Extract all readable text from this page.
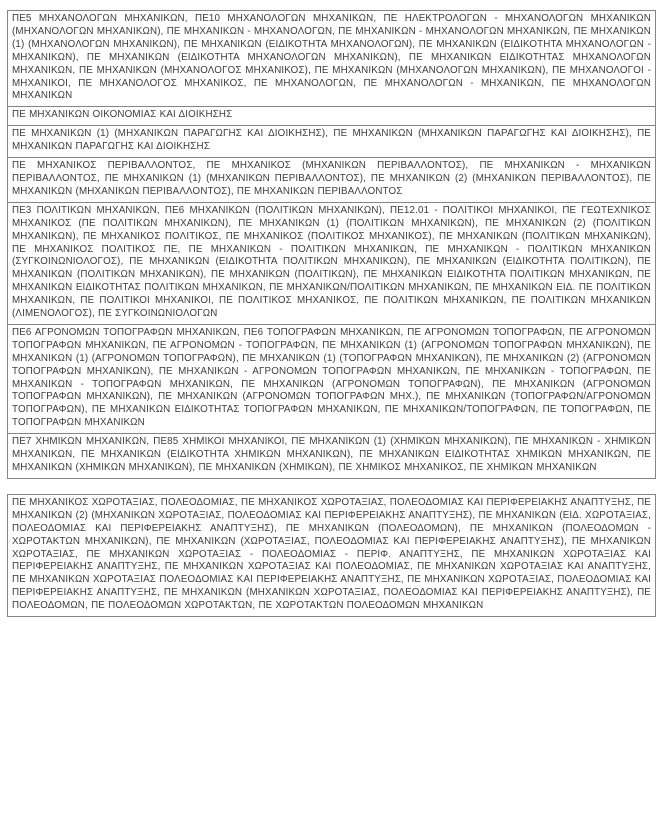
ΠΕ5 ΜΗΧΑΝΟΛΟΓΩΝ ΜΗΧΑΝΙΚΩΝ, ΠΕ10 ΜΗΧΑΝΟΛΟΓΩΝ ΜΗΧΑΝΙΚΩΝ, ΠΕ ΗΛΕΚΤΡΟΛΟΓΩΝ - ΜΗΧΑΝΟΛΟΓΩΝ ΜΗΧΑΝΙΚΩΝ (ΜΗΧΑΝΟΛΟΓΩΝ ΜΗΧΑΝΙΚΩΝ), ΠΕ ΜΗΧΑΝΙΚΩΝ - ΜΗΧΑΝΟΛΟΓΩΝ, ΠΕ ΜΗΧΑΝΙΚΩΝ - ΜΗΧΑΝΟΛΟΓΩΝ ΜΗΧΑΝΙΚΩΝ, ΠΕ ΜΗΧΑΝΙΚΩΝ (1) (ΜΗΧΑΝΟΛΟΓΩΝ ΜΗΧΑΝΙΚΩΝ), ΠΕ ΜΗΧΑΝΙΚΩΝ (ΕΙΔΙΚΟΤΗΤΑ ΜΗΧΑΝΟΛΟΓΩΝ), ΠΕ ΜΗΧΑΝΙΚΩΝ (ΕΙΔΙΚΟΤΗΤΑ ΜΗΧΑΝΟΛΟΓΩΝ - ΜΗΧΑΝΙΚΩΝ), ΠΕ ΜΗΧΑΝΙΚΩΝ (ΕΙΔΙΚΟΤΗΤΑ ΜΗΧΑΝΟΛΟΓΩΝ ΜΗΧΑΝΙΚΩΝ), ΠΕ ΜΗΧΑΝΙΚΩΝ ΕΙΔΙΚΟΤΗΤΑΣ ΜΗΧΑΝΟΛΟΓΩΝ ΜΗΧΑΝΙΚΩΝ, ΠΕ ΜΗΧΑΝΙΚΩΝ (ΜΗΧΑΝΟΛΟΓΟΣ ΜΗΧΑΝΙΚΟΣ), ΠΕ ΜΗΧΑΝΙΚΩΝ (ΜΗΧΑΝΟΛΟΓΩΝ ΜΗΧΑΝΙΚΩΝ), ΠΕ ΜΗΧΑΝΟΛΟΓΟΙ - ΜΗΧΑΝΙΚΟΙ, ΠΕ ΜΗΧΑΝΟΛΟΓΟΣ ΜΗΧΑΝΙΚΟΣ, ΠΕ ΜΗΧΑΝΟΛΟΓΩΝ, ΠΕ ΜΗΧΑΝΟΛΟΓΩΝ - ΜΗΧΑΝΙΚΩΝ, ΠΕ ΜΗΧΑΝΟΛΟΓΩΝ ΜΗΧΑΝΙΚΩΝ
ΠΕ ΜΗΧΑΝΙΚΩΝ ΟΙΚΟΝΟΜΙΑΣ ΚΑΙ ΔΙΟΙΚΗΣΗΣ
ΠΕ ΜΗΧΑΝΙΚΩΝ (1) (ΜΗΧΑΝΙΚΩΝ ΠΑΡΑΓΩΓΗΣ ΚΑΙ ΔΙΟΙΚΗΣΗΣ), ΠΕ ΜΗΧΑΝΙΚΩΝ (ΜΗΧΑΝΙΚΩΝ ΠΑΡΑΓΩΓΗΣ ΚΑΙ ΔΙΟΙΚΗΣΗΣ), ΠΕ ΜΗΧΑΝΙΚΩΝ ΠΑΡΑΓΩΓΗΣ ΚΑΙ ΔΙΟΙΚΗΣΗΣ
ΠΕ ΜΗΧΑΝΙΚΟΣ ΠΕΡΙΒΑΛΛΟΝΤΟΣ, ΠΕ ΜΗΧΑΝΙΚΟΣ (ΜΗΧΑΝΙΚΩΝ ΠΕΡΙΒΑΛΛΟΝΤΟΣ), ΠΕ ΜΗΧΑΝΙΚΩΝ - ΜΗΧΑΝΙΚΩΝ ΠΕΡΙΒΑΛΛΟΝΤΟΣ, ΠΕ ΜΗΧΑΝΙΚΩΝ (1) (ΜΗΧΑΝΙΚΩΝ ΠΕΡΙΒΑΛΛΟΝΤΟΣ), ΠΕ ΜΗΧΑΝΙΚΩΝ (2) (ΜΗΧΑΝΙΚΩΝ ΠΕΡΙΒΑΛΛΟΝΤΟΣ), ΠΕ ΜΗΧΑΝΙΚΩΝ (ΜΗΧΑΝΙΚΩΝ ΠΕΡΙΒΑΛΛΟΝΤΟΣ), ΠΕ ΜΗΧΑΝΙΚΩΝ ΠΕΡΙΒΑΛΛΟΝΤΟΣ
ΠΕ3 ΠΟΛΙΤΙΚΩΝ ΜΗΧΑΝΙΚΩΝ, ΠΕ6 ΜΗΧΑΝΙΚΩΝ (ΠΟΛΙΤΙΚΩΝ ΜΗΧΑΝΙΚΩΝ), ΠΕ12.01 - ΠΟΛΙΤΙΚΟΙ ΜΗΧΑΝΙΚΟΙ, ΠΕ ΓΕΩΤΕΧΝΙΚΟΣ ΜΗΧΑΝΙΚΟΣ (ΠΕ ΠΟΛΙΤΙΚΩΝ ΜΗΧΑΝΙΚΩΝ), ΠΕ ΜΗΧΑΝΙΚΩΝ (1) (ΠΟΛΙΤΙΚΩΝ ΜΗΧΑΝΙΚΩΝ), ΠΕ ΜΗΧΑΝΙΚΩΝ (2) (ΠΟΛΙΤΙΚΩΝ ΜΗΧΑΝΙΚΩΝ), ΠΕ ΜΗΧΑΝΙΚΟΣ ΠΟΛΙΤΙΚΟΣ, ΠΕ ΜΗΧΑΝΙΚΟΣ (ΠΟΛΙΤΙΚΟΣ ΜΗΧΑΝΙΚΟΣ), ΠΕ ΜΗΧΑΝΙΚΩΝ (ΠΟΛΙΤΙΚΩΝ ΜΗΧΑΝΙΚΩΝ), ΠΕ ΜΗΧΑΝΙΚΟΣ ΠΟΛΙΤΙΚΟΣ ΠΕ, ΠΕ ΜΗΧΑΝΙΚΩΝ - ΠΟΛΙΤΙΚΩΝ ΜΗΧΑΝΙΚΩΝ, ΠΕ ΜΗΧΑΝΙΚΩΝ - ΠΟΛΙΤΙΚΩΝ ΜΗΧΑΝΙΚΩΝ (ΣΥΓΚΟΙΝΩΝΙΟΛΟΓΟΣ), ΠΕ ΜΗΧΑΝΙΚΩΝ (ΕΙΔΙΚΟΤΗΤΑ ΠΟΛΙΤΙΚΩΝ ΜΗΧΑΝΙΚΩΝ), ΠΕ ΜΗΧΑΝΙΚΩΝ (ΕΙΔΙΚΟΤΗΤΑ ΠΟΛΙΤΙΚΩΝ), ΠΕ ΜΗΧΑΝΙΚΩΝ (ΠΟΛΙΤΙΚΩΝ ΜΗΧΑΝΙΚΩΝ), ΠΕ ΜΗΧΑΝΙΚΩΝ (ΠΟΛΙΤΙΚΩΝ), ΠΕ ΜΗΧΑΝΙΚΩΝ ΕΙΔΙΚΟΤΗΤΑ ΠΟΛΙΤΙΚΩΝ ΜΗΧΑΝΙΚΩΝ, ΠΕ ΜΗΧΑΝΙΚΩΝ ΕΙΔΙΚΟΤΗΤΑΣ ΠΟΛΙΤΙΚΩΝ ΜΗΧΑΝΙΚΩΝ, ΠΕ ΜΗΧΑΝΙΚΩΝ/ΠΟΛΙΤΙΚΩΝ ΜΗΧΑΝΙΚΩΝ, ΠΕ ΜΗΧΑΝΙΚΩΝ ΕΙΔ. ΠΕ ΠΟΛΙΤΙΚΩΝ ΜΗΧΑΝΙΚΩΝ, ΠΕ ΠΟΛΙΤΙΚΟΙ ΜΗΧΑΝΙΚΟΙ, ΠΕ ΠΟΛΙΤΙΚΟΣ ΜΗΧΑΝΙΚΟΣ, ΠΕ ΠΟΛΙΤΙΚΩΝ ΜΗΧΑΝΙΚΩΝ, ΠΕ ΠΟΛΙΤΙΚΩΝ ΜΗΧΑΝΙΚΩΝ (ΛΙΜΕΝΟΛΟΓΟΣ), ΠΕ ΣΥΓΚΟΙΝΩΝΙΟΛΟΓΩΝ
ΠΕ6 ΑΓΡΟΝΟΜΩΝ ΤΟΠΟΓΡΑΦΩΝ ΜΗΧΑΝΙΚΩΝ, ΠΕ6 ΤΟΠΟΓΡΑΦΩΝ ΜΗΧΑΝΙΚΩΝ, ΠΕ ΑΓΡΟΝΟΜΩΝ ΤΟΠΟΓΡΑΦΩΝ, ΠΕ ΑΓΡΟΝΟΜΩΝ ΤΟΠΟΓΡΑΦΩΝ ΜΗΧΑΝΙΚΩΝ, ΠΕ ΑΓΡΟΝΟΜΩΝ - ΤΟΠΟΓΡΑΦΩΝ, ΠΕ ΜΗΧΑΝΙΚΩΝ (1) (ΑΓΡΟΝΟΜΩΝ ΤΟΠΟΓΡΑΦΩΝ ΜΗΧΑΝΙΚΩΝ), ΠΕ ΜΗΧΑΝΙΚΩΝ (1) (ΑΓΡΟΝΟΜΩΝ ΤΟΠΟΓΡΑΦΩΝ), ΠΕ ΜΗΧΑΝΙΚΩΝ (1) (ΤΟΠΟΓΡΑΦΩΝ ΜΗΧΑΝΙΚΩΝ), ΠΕ ΜΗΧΑΝΙΚΩΝ (2) (ΑΓΡΟΝΟΜΩΝ ΤΟΠΟΓΡΑΦΩΝ ΜΗΧΑΝΙΚΩΝ), ΠΕ ΜΗΧΑΝΙΚΩΝ - ΑΓΡΟΝΟΜΩΝ ΤΟΠΟΓΡΑΦΩΝ ΜΗΧΑΝΙΚΩΝ, ΠΕ ΜΗΧΑΝΙΚΩΝ - ΤΟΠΟΓΡΑΦΩΝ, ΠΕ ΜΗΧΑΝΙΚΩΝ - ΤΟΠΟΓΡΑΦΩΝ ΜΗΧΑΝΙΚΩΝ, ΠΕ ΜΗΧΑΝΙΚΩΝ (ΑΓΡΟΝΟΜΩΝ ΤΟΠΟΓΡΑΦΩΝ), ΠΕ ΜΗΧΑΝΙΚΩΝ (ΑΓΡΟΝΟΜΩΝ ΤΟΠΟΓΡΑΦΩΝ ΜΗΧΑΝΙΚΩΝ), ΠΕ ΜΗΧΑΝΙΚΩΝ (ΑΓΡΟΝΟΜΩΝ ΤΟΠΟΓΡΑΦΩΝ ΜΗΧ.), ΠΕ ΜΗΧΑΝΙΚΩΝ (ΤΟΠΟΓΡΑΦΩΝ/ΑΓΡΟΝΟΜΩΝ ΤΟΠΟΓΡΑΦΩΝ), ΠΕ ΜΗΧΑΝΙΚΩΝ ΕΙΔΙΚΟΤΗΤΑΣ ΤΟΠΟΓΡΑΦΩΝ ΜΗΧΑΝΙΚΩΝ, ΠΕ ΜΗΧΑΝΙΚΩΝ/ΤΟΠΟΓΡΑΦΩΝ, ΠΕ ΤΟΠΟΓΡΑΦΩΝ, ΠΕ ΤΟΠΟΓΡΑΦΩΝ ΜΗΧΑΝΙΚΩΝ
ΠΕ7 ΧΗΜΙΚΩΝ ΜΗΧΑΝΙΚΩΝ, ΠΕ85 ΧΗΜΙΚΟΙ ΜΗΧΑΝΙΚΟΙ, ΠΕ ΜΗΧΑΝΙΚΩΝ (1) (ΧΗΜΙΚΩΝ ΜΗΧΑΝΙΚΩΝ), ΠΕ ΜΗΧΑΝΙΚΩΝ - ΧΗΜΙΚΩΝ ΜΗΧΑΝΙΚΩΝ, ΠΕ ΜΗΧΑΝΙΚΩΝ (ΕΙΔΙΚΟΤΗΤΑ ΧΗΜΙΚΩΝ ΜΗΧΑΝΙΚΩΝ), ΠΕ ΜΗΧΑΝΙΚΩΝ ΕΙΔΙΚΟΤΗΤΑΣ ΧΗΜΙΚΩΝ ΜΗΧΑΝΙΚΩΝ, ΠΕ ΜΗΧΑΝΙΚΩΝ (ΧΗΜΙΚΩΝ ΜΗΧΑΝΙΚΩΝ), ΠΕ ΜΗΧΑΝΙΚΩΝ (ΧΗΜΙΚΩΝ), ΠΕ ΧΗΜΙΚΟΣ ΜΗΧΑΝΙΚΟΣ, ΠΕ ΧΗΜΙΚΩΝ ΜΗΧΑΝΙΚΩΝ
ΠΕ ΜΗΧΑΝΙΚΟΣ ΧΩΡΟΤΑΞΙΑΣ, ΠΟΛΕΟΔΟΜΙΑΣ, ΠΕ ΜΗΧΑΝΙΚΟΣ ΧΩΡΟΤΑΞΙΑΣ, ΠΟΛΕΟΔΟΜΙΑΣ ΚΑΙ ΠΕΡΙΦΕΡΕΙΑΚΗΣ ΑΝΑΠΤΥΞΗΣ, ΠΕ ΜΗΧΑΝΙΚΩΝ (2) (ΜΗΧΑΝΙΚΩΝ ΧΩΡΟΤΑΞΙΑΣ, ΠΟΛΕΟΔΟΜΙΑΣ ΚΑΙ ΠΕΡΙΦΕΡΕΙΑΚΗΣ ΑΝΑΠΤΥΞΗΣ), ΠΕ ΜΗΧΑΝΙΚΩΝ (ΕΙΔ. ΧΩΡΟΤΑΞΙΑΣ, ΠΟΛΕΟΔΟΜΙΑΣ ΚΑΙ ΠΕΡΙΦΕΡΕΙΑΚΗΣ ΑΝΑΠΤΥΞΗΣ), ΠΕ ΜΗΧΑΝΙΚΩΝ (ΠΟΛΕΟΔΟΜΩΝ), ΠΕ ΜΗΧΑΝΙΚΩΝ (ΠΟΛΕΟΔΟΜΩΝ - ΧΩΡΟΤΑΚΤΩΝ ΜΗΧΑΝΙΚΩΝ), ΠΕ ΜΗΧΑΝΙΚΩΝ (ΧΩΡΟΤΑΞΙΑΣ, ΠΟΛΕΟΔΟΜΙΑΣ ΚΑΙ ΠΕΡΙΦΕΡΕΙΑΚΗΣ ΑΝΑΠΤΥΞΗΣ), ΠΕ ΜΗΧΑΝΙΚΩΝ ΧΩΡΟΤΑΞΙΑΣ, ΠΕ ΜΗΧΑΝΙΚΩΝ ΧΩΡΟΤΑΞΙΑΣ - ΠΟΛΕΟΔΟΜΙΑΣ - ΠΕΡΙΦ. ΑΝΑΠΤΥΞΗΣ, ΠΕ ΜΗΧΑΝΙΚΩΝ ΧΩΡΟΤΑΞΙΑΣ ΚΑΙ ΠΕΡΙΦΕΡΕΙΑΚΗΣ ΑΝΑΠΤΥΞΗΣ, ΠΕ ΜΗΧΑΝΙΚΩΝ ΧΩΡΟΤΑΞΙΑΣ ΚΑΙ ΠΟΛΕΟΔΟΜΙΑΣ, ΠΕ ΜΗΧΑΝΙΚΩΝ ΧΩΡΟΤΑΞΙΑΣ ΚΑΙ ΑΝΑΠΤΥΞΗΣ, ΠΕ ΜΗΧΑΝΙΚΩΝ ΧΩΡΟΤΑΞΙΑΣ ΠΟΛΕΟΔΟΜΙΑΣ ΚΑΙ ΠΕΡΙΦΕΡΕΙΑΚΗΣ ΑΝΑΠΤΥΞΗΣ, ΠΕ ΜΗΧΑΝΙΚΩΝ ΧΩΡΟΤΑΞΙΑΣ, ΠΟΛΕΟΔΟΜΙΑΣ ΚΑΙ ΠΕΡΙΦΕΡΕΙΑΚΗΣ ΑΝΑΠΤΥΞΗΣ, ΠΕ ΜΗΧΑΝΙΚΩΝ (ΜΗΧΑΝΙΚΩΝ ΧΩΡΟΤΑΞΙΑΣ, ΠΟΛΕΟΔΟΜΙΑΣ ΚΑΙ ΠΕΡΙΦΕΡΕΙΑΚΗΣ ΑΝΑΠΤΥΞΗΣ), ΠΕ ΠΟΛΕΟΔΟΜΩΝ, ΠΕ ΠΟΛΕΟΔΟΜΩΝ ΧΩΡΟΤΑΚΤΩΝ, ΠΕ ΧΩΡΟΤΑΚΤΩΝ ΠΟΛΕΟΔΟΜΩΝ ΜΗΧΑΝΙΚΩΝ
